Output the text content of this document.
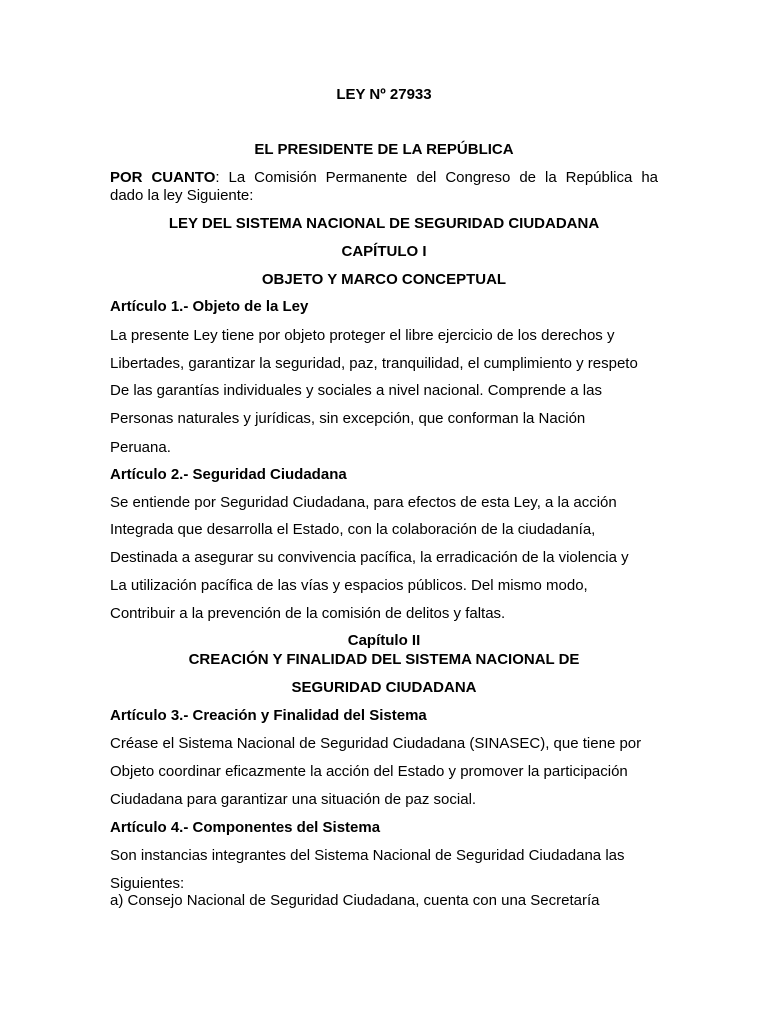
LEY Nº 27933
EL PRESIDENTE DE LA REPÚBLICA
POR CUANTO: La Comisión Permanente del Congreso de la República ha
dado la ley Siguiente:
LEY DEL SISTEMA NACIONAL DE SEGURIDAD CIUDADANA
CAPÍTULO I
OBJETO Y MARCO CONCEPTUAL
Artículo 1.- Objeto de la Ley
La presente Ley tiene por objeto proteger el libre ejercicio de los derechos y
Libertades, garantizar la seguridad, paz, tranquilidad, el cumplimiento y respeto
De las garantías individuales y sociales a nivel nacional. Comprende a las
Personas naturales y jurídicas, sin excepción, que conforman la Nación
Peruana.
Artículo 2.- Seguridad Ciudadana
Se entiende por Seguridad Ciudadana, para efectos de esta Ley, a la acción
Integrada que desarrolla el Estado, con la colaboración de la ciudadanía,
Destinada a asegurar su convivencia pacífica, la erradicación de la violencia y
La utilización pacífica de las vías y espacios públicos. Del mismo modo,
Contribuir a la prevención de la comisión de delitos y faltas.
Capítulo II
CREACIÓN Y FINALIDAD DEL SISTEMA NACIONAL DE
SEGURIDAD CIUDADANA
Artículo 3.- Creación y Finalidad del Sistema
Créase el Sistema Nacional de Seguridad Ciudadana (SINASEC), que tiene por
Objeto coordinar eficazmente la acción del Estado y promover la participación
Ciudadana para garantizar una situación de paz social.
Artículo 4.- Componentes del Sistema
Son instancias integrantes del Sistema Nacional de Seguridad Ciudadana las
Siguientes:
a) Consejo Nacional de Seguridad Ciudadana, cuenta con una Secretaría
